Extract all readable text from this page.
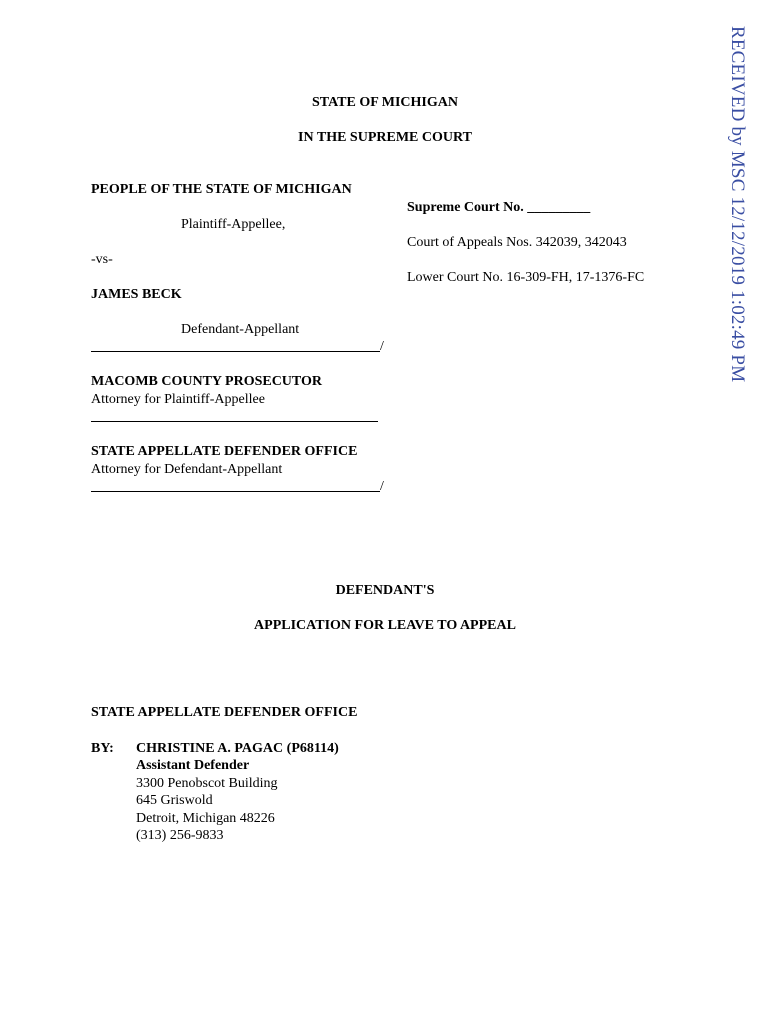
RECEIVED by MSC 12/12/2019 1:02:49 PM
STATE OF MICHIGAN
IN THE SUPREME COURT
PEOPLE OF THE STATE OF MICHIGAN
Plaintiff-Appellee,
-vs-
JAMES BECK
Defendant-Appellant
/
Supreme Court No. _________
Court of Appeals Nos. 342039, 342043
Lower Court No. 16-309-FH, 17-1376-FC
MACOMB COUNTY PROSECUTOR
Attorney for Plaintiff-Appellee
STATE APPELLATE DEFENDER OFFICE
Attorney for Defendant-Appellant
/
DEFENDANT'S
APPLICATION FOR LEAVE TO APPEAL
STATE APPELLATE DEFENDER OFFICE
BY: CHRISTINE A. PAGAC (P68114)
Assistant Defender
3300 Penobscot Building
645 Griswold
Detroit, Michigan 48226
(313) 256-9833
